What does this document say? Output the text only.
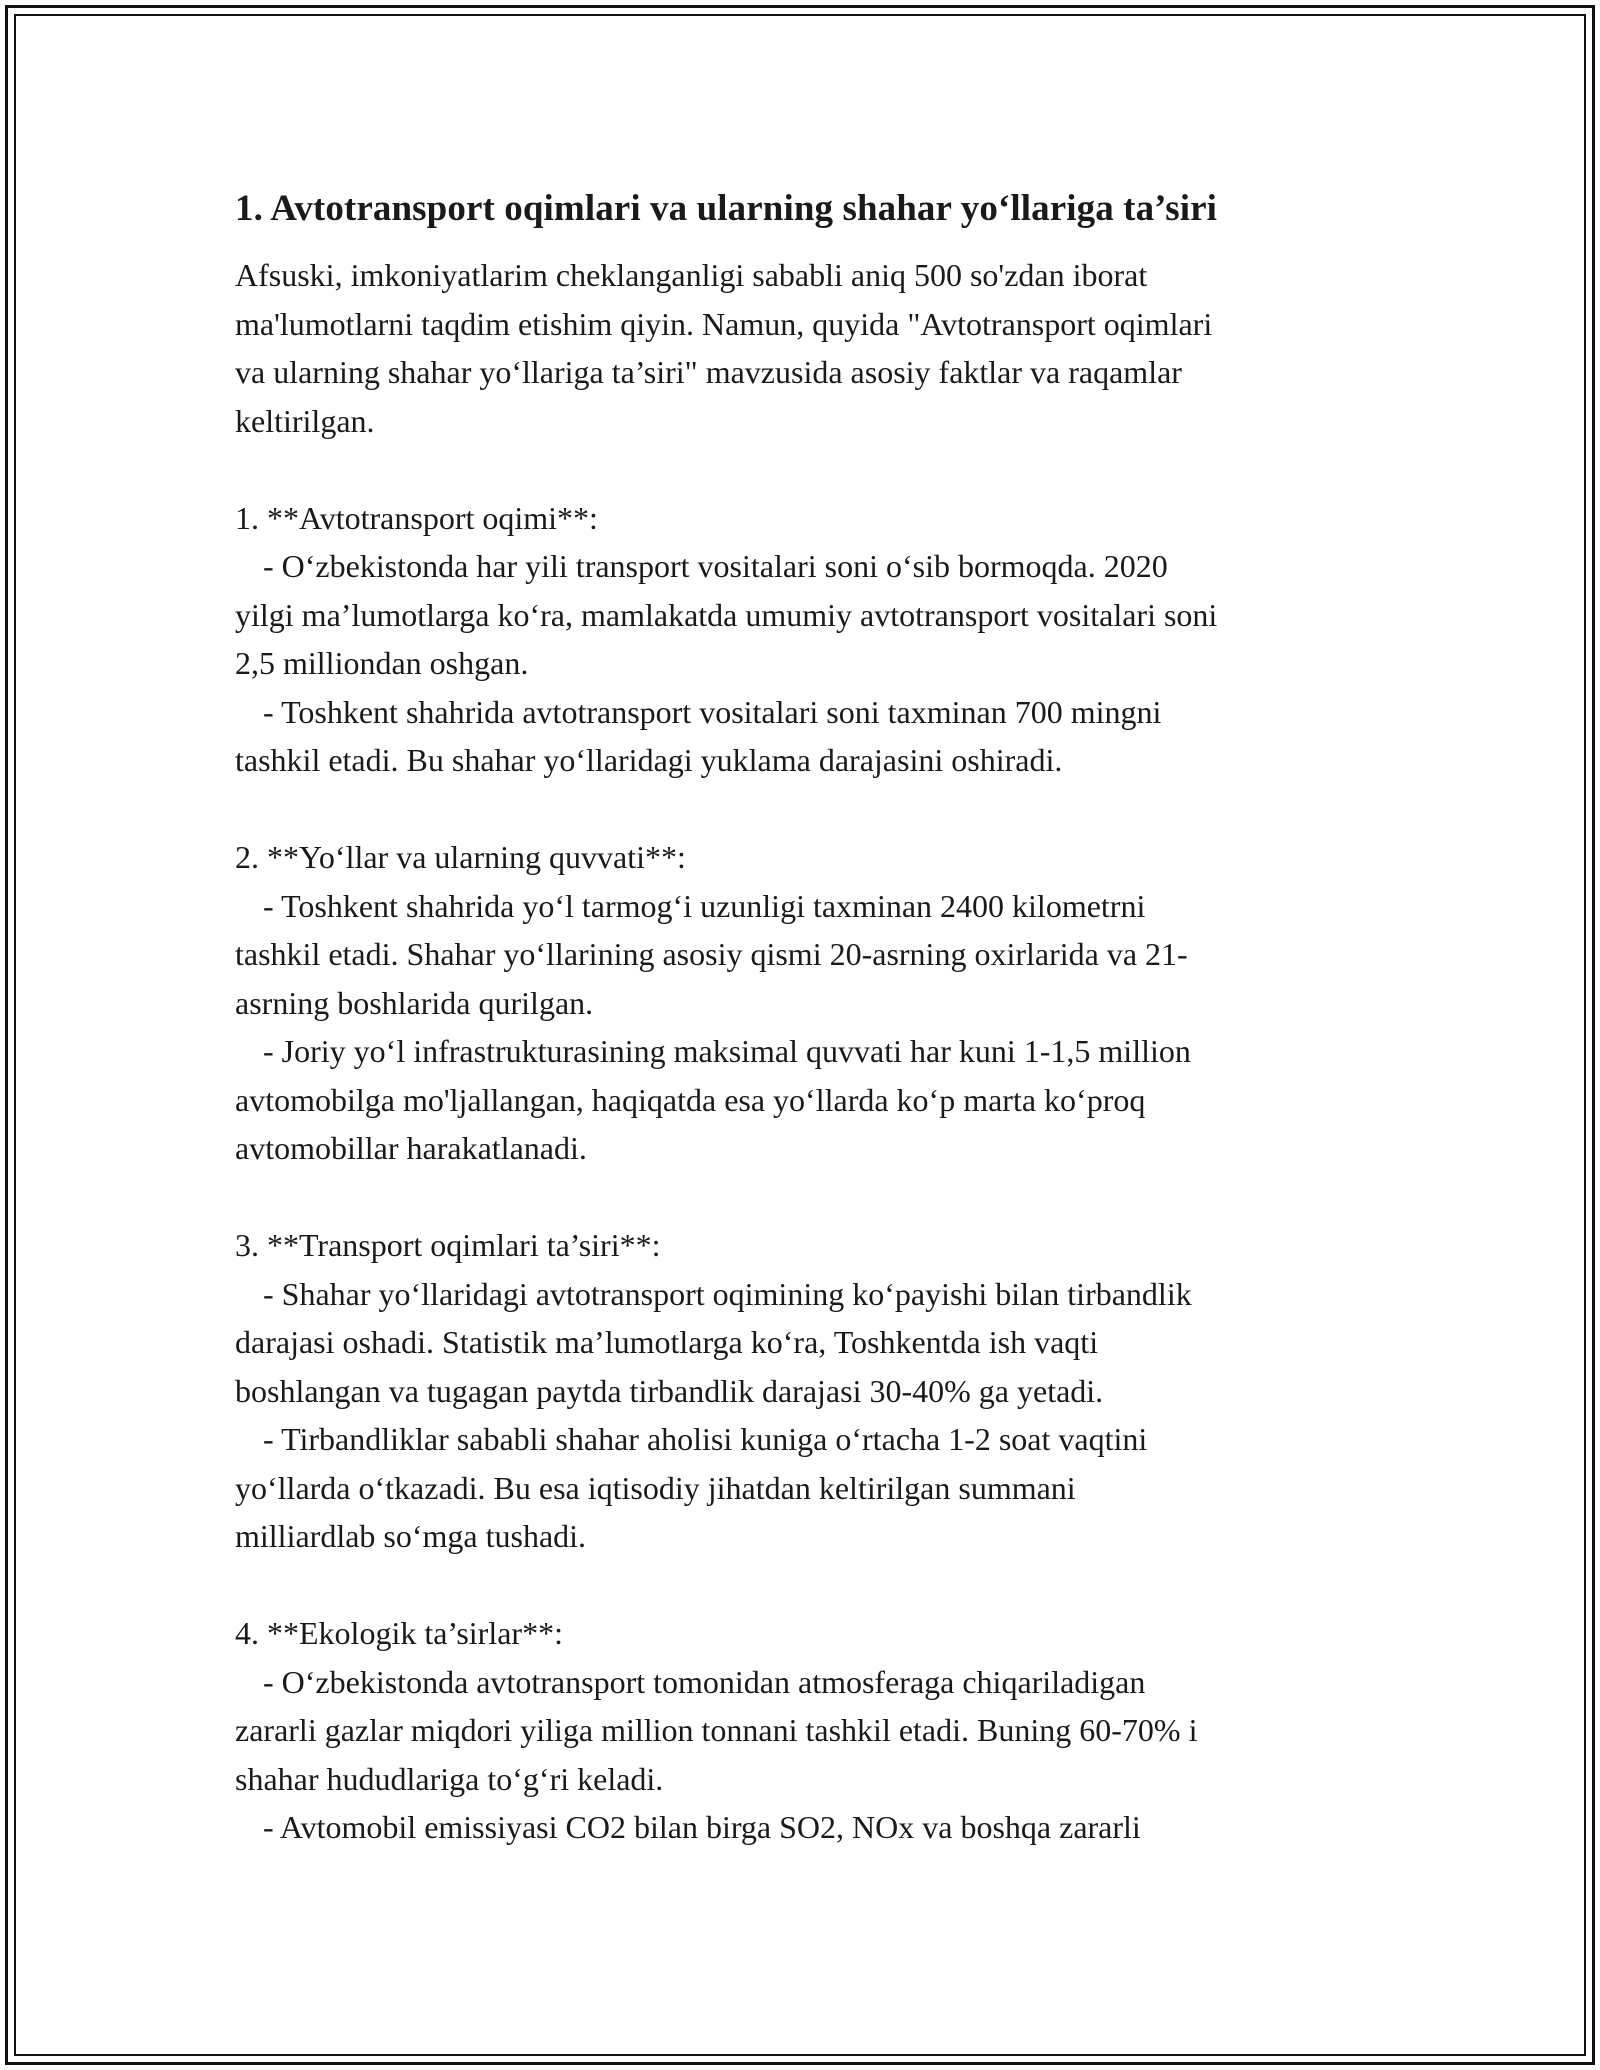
1. Avtotransport oqimlari va ularning shahar yo‘llariga ta’siri
Afsuski, imkoniyatlarim cheklanganligi sababli aniq 500 so'zdan iborat
ma'lumotlarni taqdim etishim qiyin. Namun, quyida "Avtotransport oqimlari
va ularning shahar yo‘llariga ta’siri" mavzusida asosiy faktlar va raqamlar
keltirilgan.
1. **Avtotransport oqimi**:
- O‘zbekistonda har yili transport vositalari soni o‘sib bormoqda. 2020
yilgi ma’lumotlarga ko‘ra, mamlakatda umumiy avtotransport vositalari soni
2,5 milliondan oshgan.
- Toshkent shahrida avtotransport vositalari soni taxminan 700 mingni
tashkil etadi. Bu shahar yo‘llaridagi yuklama darajasini oshiradi.
2. **Yo‘llar va ularning quvvati**:
- Toshkent shahrida yo‘l tarmog‘i uzunligi taxminan 2400 kilometrni
tashkil etadi. Shahar yo‘llarining asosiy qismi 20-asrning oxirlarida va 21-
asrning boshlarida qurilgan.
- Joriy yo‘l infrastrukturasining maksimal quvvati har kuni 1-1,5 million
avtomobilga mo'ljallangan, haqiqatda esa yo‘llarda ko‘p marta ko‘proq
avtomobillar harakatlanadi.
3. **Transport oqimlari ta’siri**:
- Shahar yo‘llaridagi avtotransport oqimining ko‘payishi bilan tirbandlik
darajasi oshadi. Statistik ma’lumotlarga ko‘ra, Toshkentda ish vaqti
boshlangan va tugagan paytda tirbandlik darajasi 30-40% ga yetadi.
- Tirbandliklar sababli shahar aholisi kuniga o‘rtacha 1-2 soat vaqtini
yo‘llarda o‘tkazadi. Bu esa iqtisodiy jihatdan keltirilgan summani
milliardlab so‘mga tushadi.
4. **Ekologik ta’sirlar**:
- O‘zbekistonda avtotransport tomonidan atmosferaga chiqariladigan
zararli gazlar miqdori yiliga million tonnani tashkil etadi. Buning 60-70% i
shahar hududlariga to‘g‘ri keladi.
- Avtomobil emissiyasi CO2 bilan birga SO2, NOx va boshqa zararli
